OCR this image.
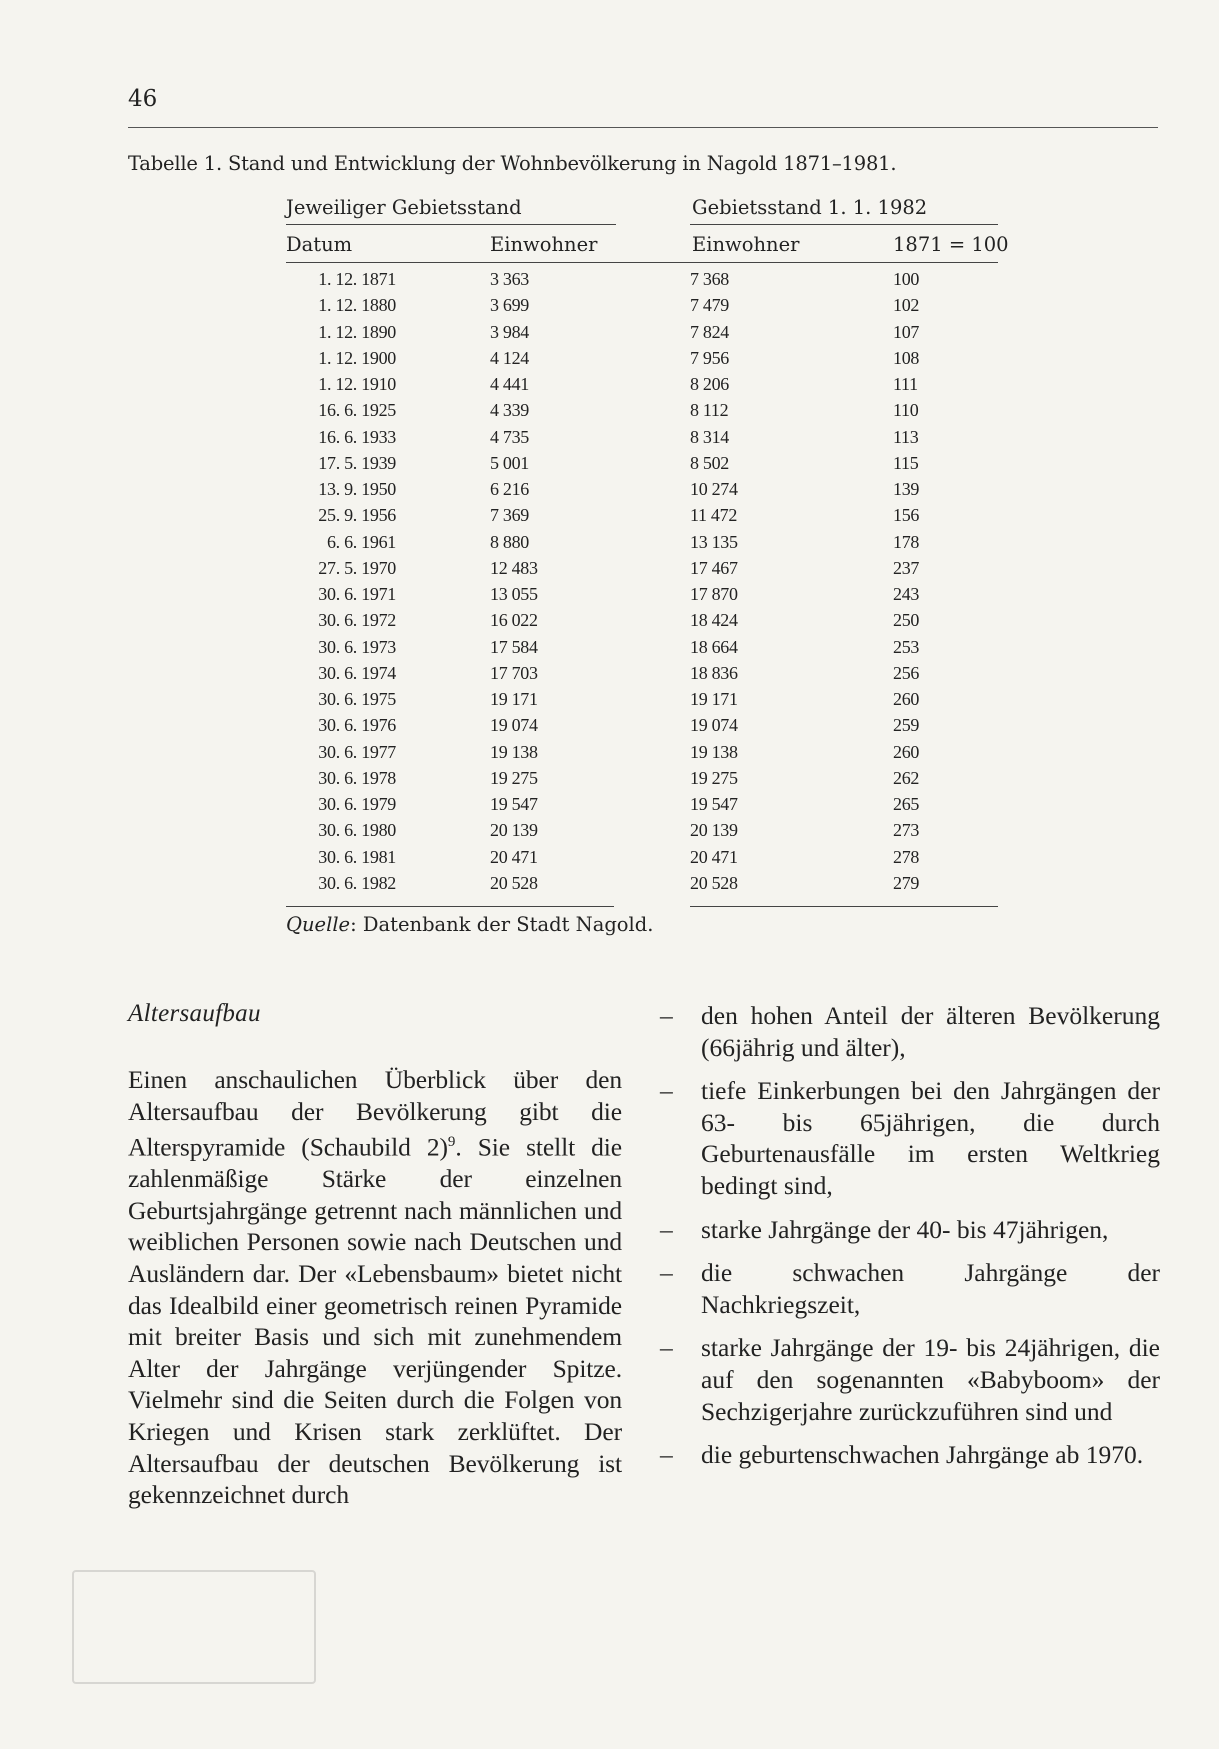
46
Tabelle 1. Stand und Entwicklung der Wohnbevölkerung in Nagold 1871–1981.
Jeweiliger Gebietsstand	Gebietsstand 1. 1. 1982
Datum	Einwohner	Einwohner	1871 = 100
1. 12. 1871	3 363	7 368	100
1. 12. 1880	3 699	7 479	102
1. 12. 1890	3 984	7 824	107
1. 12. 1900	4 124	7 956	108
1. 12. 1910	4 441	8 206	111
16. 6. 1925	4 339	8 112	110
16. 6. 1933	4 735	8 314	113
17. 5. 1939	5 001	8 502	115
13. 9. 1950	6 216	10 274	139
25. 9. 1956	7 369	11 472	156
6. 6. 1961	8 880	13 135	178
27. 5. 1970	12 483	17 467	237
30. 6. 1971	13 055	17 870	243
30. 6. 1972	16 022	18 424	250
30. 6. 1973	17 584	18 664	253
30. 6. 1974	17 703	18 836	256
30. 6. 1975	19 171	19 171	260
30. 6. 1976	19 074	19 074	259
30. 6. 1977	19 138	19 138	260
30. 6. 1978	19 275	19 275	262
30. 6. 1979	19 547	19 547	265
30. 6. 1980	20 139	20 139	273
30. 6. 1981	20 471	20 471	278
30. 6. 1982	20 528	20 528	279
Quelle: Datenbank der Stadt Nagold.
Altersaufbau

Einen anschaulichen Überblick über den Altersaufbau der Bevölkerung gibt die Alterspyramide (Schaubild 2)$^9$. Sie stellt die zahlenmäßige Stärke der einzelnen Geburtsjahrgänge getrennt nach männlichen und weiblichen Personen sowie nach Deutschen und Ausländern dar. Der «Lebensbaum» bietet nicht das Idealbild einer geometrisch reinen Pyramide mit breiter Basis und sich mit zunehmendem Alter der Jahrgänge verjüngender Spitze. Vielmehr sind die Seiten durch die Folgen von Kriegen und Krisen stark zerklüftet. Der Altersaufbau der deutschen Bevölkerung ist gekennzeichnet durch

– den hohen Anteil der älteren Bevölkerung (66jährig und älter),
– tiefe Einkerbungen bei den Jahrgängen der 63- bis 65jährigen, die durch Geburtenausfälle im ersten Weltkrieg bedingt sind,
– starke Jahrgänge der 40- bis 47jährigen,
– die schwachen Jahrgänge der Nachkriegszeit,
– starke Jahrgänge der 19- bis 24jährigen, die auf den sogenannten «Babyboom» der Sechzigerjahre zurückzuführen sind und
– die geburtenschwachen Jahrgänge ab 1970.
